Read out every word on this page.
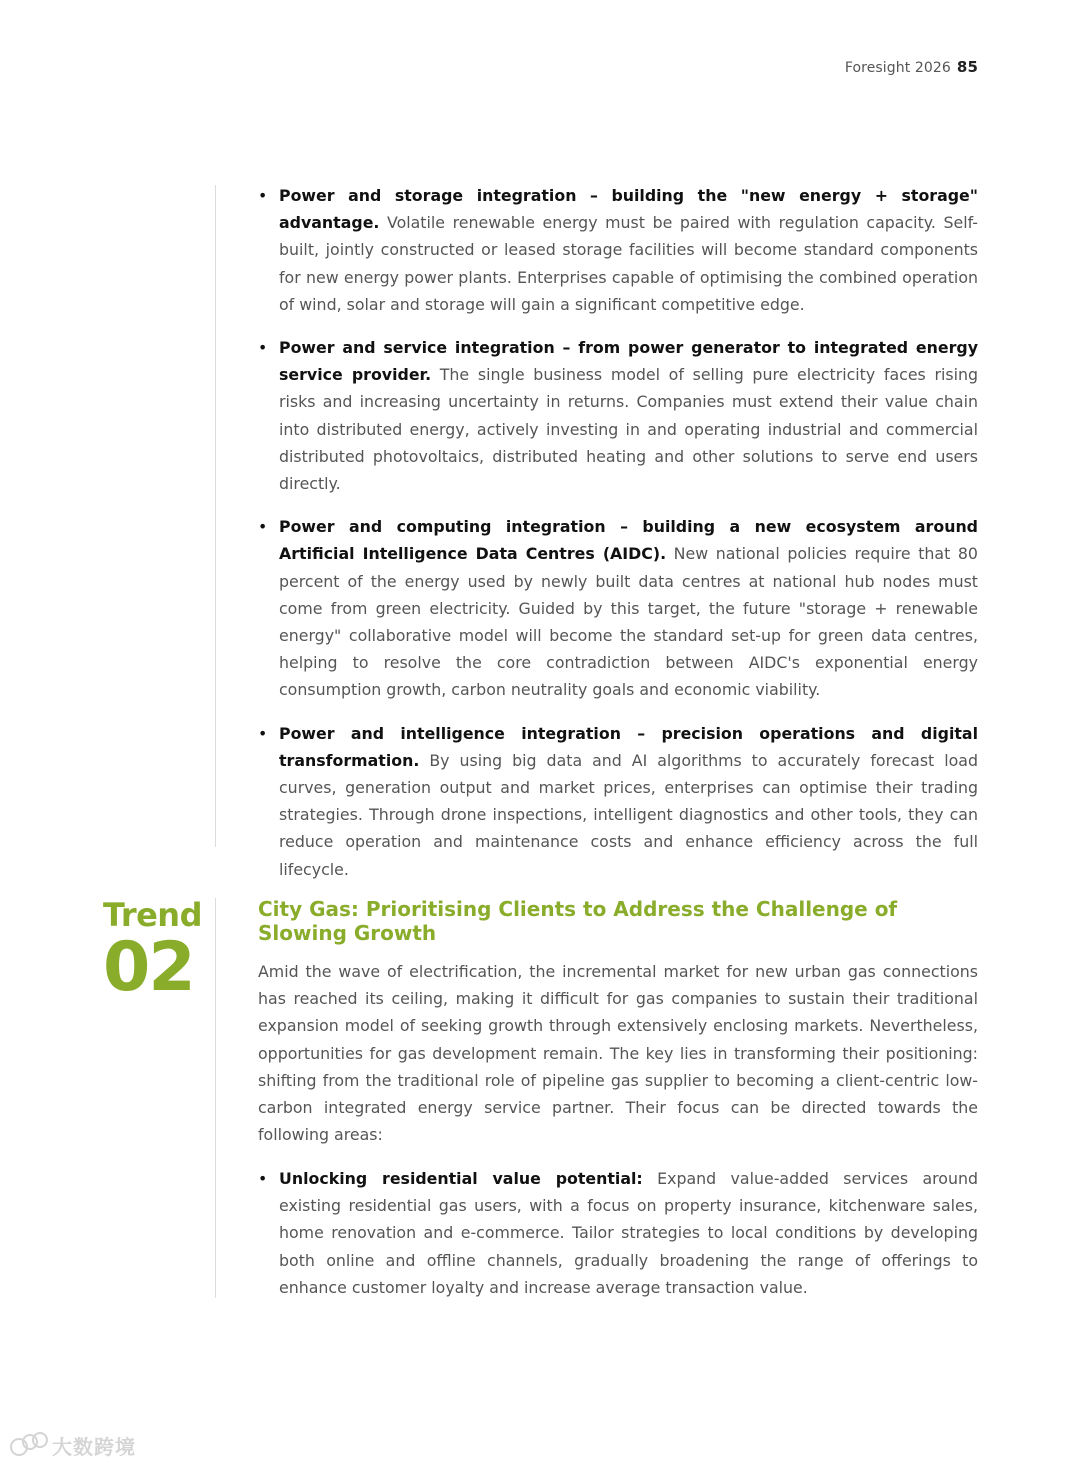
Foresight 2026 85
• Power and storage integration – building the "new energy + storage" advantage. Volatile renewable energy must be paired with regulation capacity. Self-built, jointly constructed or leased storage facilities will become standard components for new energy power plants. Enterprises capable of optimising the combined operation of wind, solar and storage will gain a significant competitive edge.
• Power and service integration – from power generator to integrated energy service provider. The single business model of selling pure electricity faces rising risks and increasing uncertainty in returns. Companies must extend their value chain into distributed energy, actively investing in and operating industrial and commercial distributed photovoltaics, distributed heating and other solutions to serve end users directly.
• Power and computing integration – building a new ecosystem around Artificial Intelligence Data Centres (AIDC). New national policies require that 80 percent of the energy used by newly built data centres at national hub nodes must come from green electricity. Guided by this target, the future "storage + renewable energy" collaborative model will become the standard set-up for green data centres, helping to resolve the core contradiction between AIDC's exponential energy consumption growth, carbon neutrality goals and economic viability.
• Power and intelligence integration – precision operations and digital transformation. By using big data and AI algorithms to accurately forecast load curves, generation output and market prices, enterprises can optimise their trading strategies. Through drone inspections, intelligent diagnostics and other tools, they can reduce operation and maintenance costs and enhance efficiency across the full lifecycle.
Trend
02
City Gas: Prioritising Clients to Address the Challenge of Slowing Growth

Amid the wave of electrification, the incremental market for new urban gas connections has reached its ceiling, making it difficult for gas companies to sustain their traditional expansion model of seeking growth through extensively enclosing markets. Nevertheless, opportunities for gas development remain. The key lies in transforming their positioning: shifting from the traditional role of pipeline gas supplier to becoming a client-centric low-carbon integrated energy service partner. Their focus can be directed towards the following areas:

• Unlocking residential value potential: Expand value-added services around existing residential gas users, with a focus on property insurance, kitchenware sales, home renovation and e-commerce. Tailor strategies to local conditions by developing both online and offline channels, gradually broadening the range of offerings to enhance customer loyalty and increase average transaction value.
大数跨境
